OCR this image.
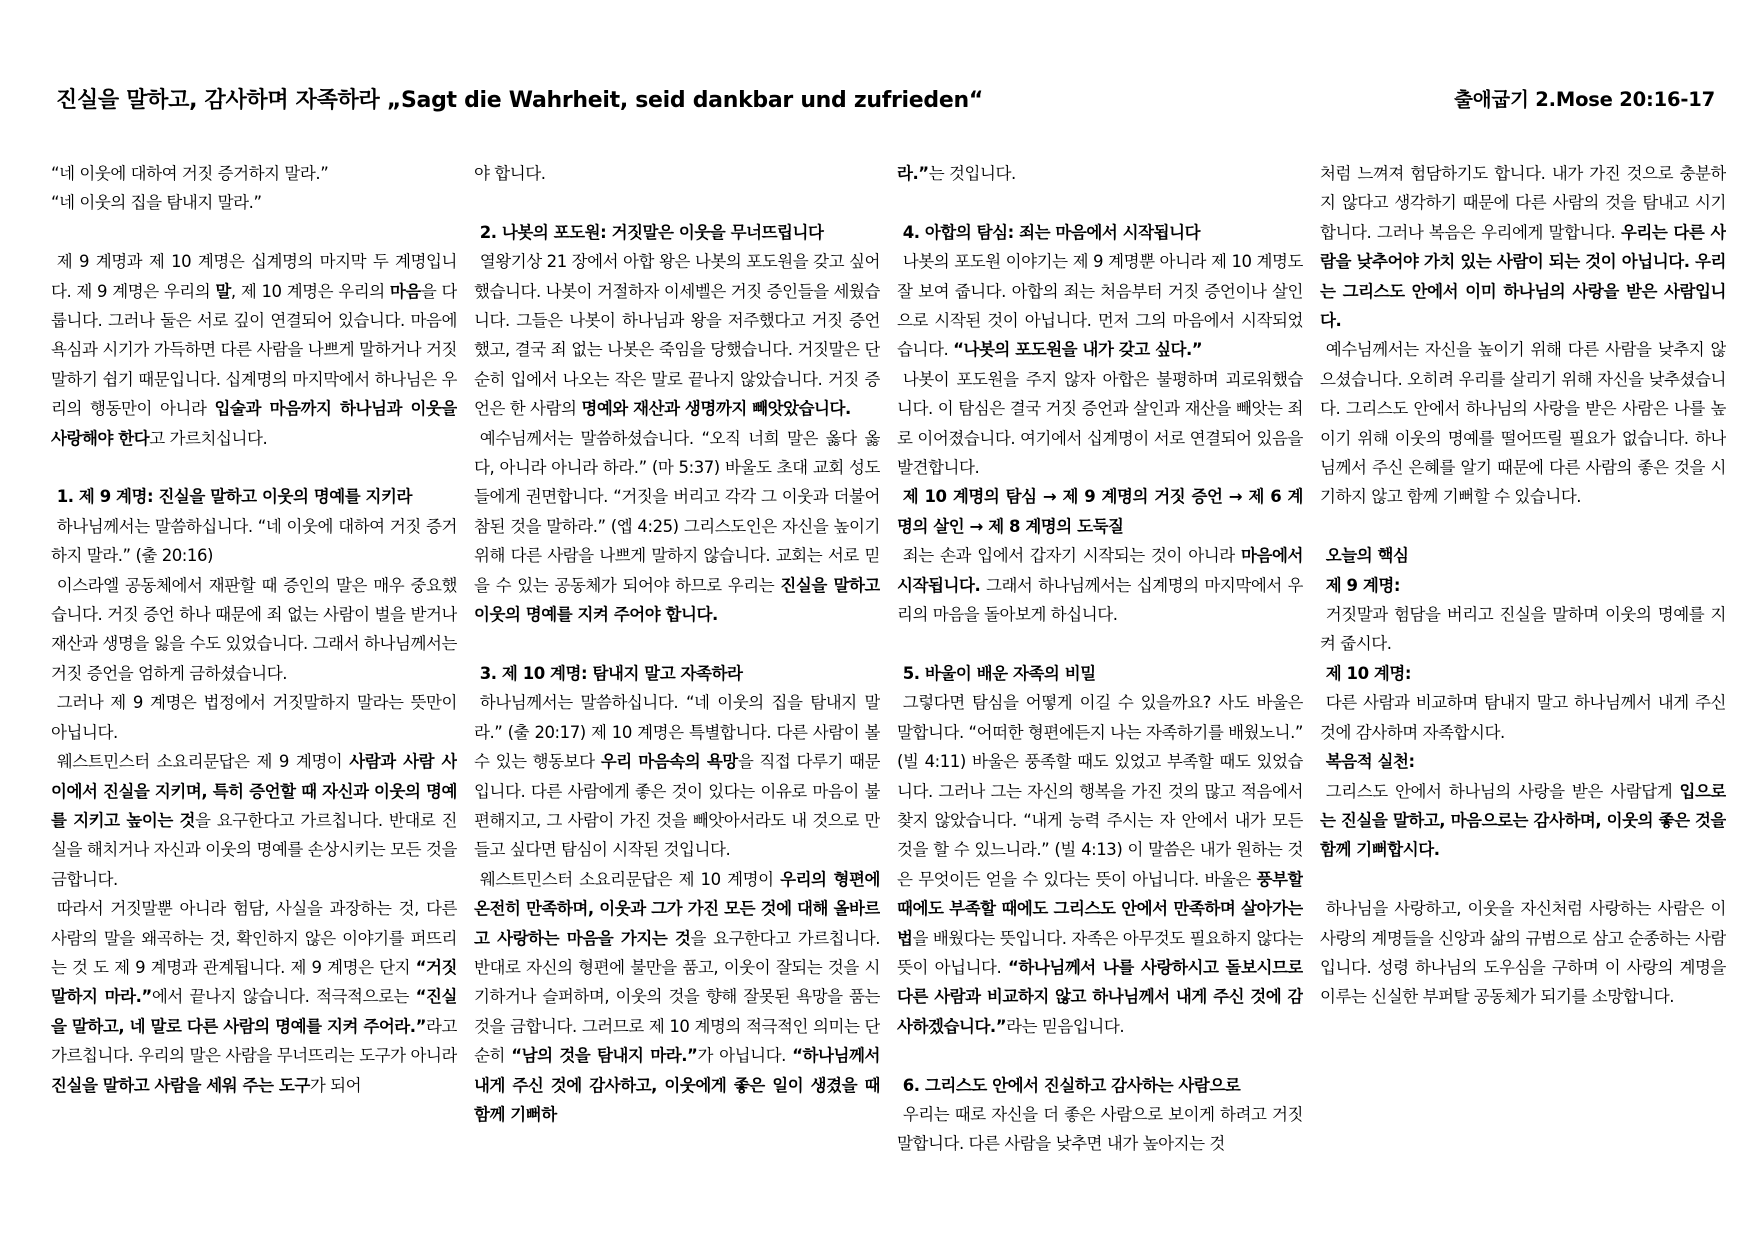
진실을 말하고, 감사하며 자족하라 „Sagt die Wahrheit, seid dankbar und zufrieden“	출애굽기 2.Mose 20:16-17

“네 이웃에 대하여 거짓 증거하지 말라.”

“네 이웃의 집을 탐내지 말라.”

제 9 계명과 제 10 계명은 십계명의 마지막 두 계명입니다. 제 9 계명은 우리의 말, 제 10 계명은 우리의 마음을 다룹니다. 그러나 둘은 서로 깊이 연결되어 있습니다. 마음에 욕심과 시기가 가득하면 다른 사람을 나쁘게 말하거나 거짓말하기 쉽기 때문입니다. 십계명의 마지막에서 하나님은 우리의 행동만이 아니라 입술과 마음까지 하나님과 이웃을 사랑해야 한다고 가르치십니다.

1. 제 9 계명: 진실을 말하고 이웃의 명예를 지키라

하나님께서는 말씀하십니다. “네 이웃에 대하여 거짓 증거하지 말라.” (출 20:16)

이스라엘 공동체에서 재판할 때 증인의 말은 매우 중요했습니다. 거짓 증언 하나 때문에 죄 없는 사람이 벌을 받거나 재산과 생명을 잃을 수도 있었습니다. 그래서 하나님께서는 거짓 증언을 엄하게 금하셨습니다.

그러나 제 9 계명은 법정에서 거짓말하지 말라는 뜻만이 아닙니다.

웨스트민스터 소요리문답은 제 9 계명이 사람과 사람 사이에서 진실을 지키며, 특히 증언할 때 자신과 이웃의 명예를 지키고 높이는 것을 요구한다고 가르칩니다. 반대로 진실을 해치거나 자신과 이웃의 명예를 손상시키는 모든 것을 금합니다.

따라서 거짓말뿐 아니라 험담, 사실을 과장하는 것, 다른 사람의 말을 왜곡하는 것, 확인하지 않은 이야기를 퍼뜨리는 것 도 제 9 계명과 관계됩니다. 제 9 계명은 단지 “거짓말하지 마라.”에서 끝나지 않습니다. 적극적으로는 “진실을 말하고, 네 말로 다른 사람의 명예를 지켜 주어라.”라고 가르칩니다. 우리의 말은 사람을 무너뜨리는 도구가 아니라 진실을 말하고 사람을 세워 주는 도구가 되어

야 합니다.

2. 나봇의 포도원: 거짓말은 이웃을 무너뜨립니다

열왕기상 21 장에서 아합 왕은 나봇의 포도원을 갖고 싶어 했습니다. 나봇이 거절하자 이세벨은 거짓 증인들을 세웠습니다. 그들은 나봇이 하나님과 왕을 저주했다고 거짓 증언했고, 결국 죄 없는 나봇은 죽임을 당했습니다. 거짓말은 단순히 입에서 나오는 작은 말로 끝나지 않았습니다. 거짓 증언은 한 사람의 명예와 재산과 생명까지 빼앗았습니다.

예수님께서는 말씀하셨습니다. “오직 너희 말은 옳다 옳다, 아니라 아니라 하라.” (마 5:37) 바울도 초대 교회 성도들에게 권면합니다. “거짓을 버리고 각각 그 이웃과 더불어 참된 것을 말하라.” (엡 4:25) 그리스도인은 자신을 높이기 위해 다른 사람을 나쁘게 말하지 않습니다. 교회는 서로 믿을 수 있는 공동체가 되어야 하므로 우리는 진실을 말하고 이웃의 명예를 지켜 주어야 합니다.

3. 제 10 계명: 탐내지 말고 자족하라

하나님께서는 말씀하십니다. “네 이웃의 집을 탐내지 말라.” (출 20:17) 제 10 계명은 특별합니다. 다른 사람이 볼 수 있는 행동보다 우리 마음속의 욕망을 직접 다루기 때문입니다. 다른 사람에게 좋은 것이 있다는 이유로 마음이 불편해지고, 그 사람이 가진 것을 빼앗아서라도 내 것으로 만들고 싶다면 탐심이 시작된 것입니다.

웨스트민스터 소요리문답은 제 10 계명이 우리의 형편에 온전히 만족하며, 이웃과 그가 가진 모든 것에 대해 올바르고 사랑하는 마음을 가지는 것을 요구한다고 가르칩니다. 반대로 자신의 형편에 불만을 품고, 이웃이 잘되는 것을 시기하거나 슬퍼하며, 이웃의 것을 향해 잘못된 욕망을 품는 것을 금합니다. 그러므로 제 10 계명의 적극적인 의미는 단순히 “남의 것을 탐내지 마라.”가 아닙니다. “하나님께서 내게 주신 것에 감사하고, 이웃에게 좋은 일이 생겼을 때 함께 기뻐하

라.”는 것입니다.

4. 아합의 탐심: 죄는 마음에서 시작됩니다

나봇의 포도원 이야기는 제 9 계명뿐 아니라 제 10 계명도 잘 보여 줍니다. 아합의 죄는 처음부터 거짓 증언이나 살인으로 시작된 것이 아닙니다. 먼저 그의 마음에서 시작되었습니다. “나봇의 포도원을 내가 갖고 싶다.”

나봇이 포도원을 주지 않자 아합은 불평하며 괴로워했습니다. 이 탐심은 결국 거짓 증언과 살인과 재산을 빼앗는 죄로 이어졌습니다. 여기에서 십계명이 서로 연결되어 있음을 발견합니다.

제 10 계명의 탐심 → 제 9 계명의 거짓 증언 → 제 6 계명의 살인 → 제 8 계명의 도둑질

죄는 손과 입에서 갑자기 시작되는 것이 아니라 마음에서 시작됩니다. 그래서 하나님께서는 십계명의 마지막에서 우리의 마음을 돌아보게 하십니다.

5. 바울이 배운 자족의 비밀

그렇다면 탐심을 어떻게 이길 수 있을까요? 사도 바울은 말합니다. “어떠한 형편에든지 나는 자족하기를 배웠노니.” (빌 4:11) 바울은 풍족할 때도 있었고 부족할 때도 있었습니다. 그러나 그는 자신의 행복을 가진 것의 많고 적음에서 찾지 않았습니다. “내게 능력 주시는 자 안에서 내가 모든 것을 할 수 있느니라.” (빌 4:13) 이 말씀은 내가 원하는 것은 무엇이든 얻을 수 있다는 뜻이 아닙니다. 바울은 풍부할 때에도 부족할 때에도 그리스도 안에서 만족하며 살아가는 법을 배웠다는 뜻입니다. 자족은 아무것도 필요하지 않다는 뜻이 아닙니다. “하나님께서 나를 사랑하시고 돌보시므로 다른 사람과 비교하지 않고 하나님께서 내게 주신 것에 감사하겠습니다.”라는 믿음입니다.

6. 그리스도 안에서 진실하고 감사하는 사람으로

우리는 때로 자신을 더 좋은 사람으로 보이게 하려고 거짓말합니다. 다른 사람을 낮추면 내가 높아지는 것

처럼 느껴져 험담하기도 합니다. 내가 가진 것으로 충분하지 않다고 생각하기 때문에 다른 사람의 것을 탐내고 시기합니다. 그러나 복음은 우리에게 말합니다. 우리는 다른 사람을 낮추어야 가치 있는 사람이 되는 것이 아닙니다. 우리는 그리스도 안에서 이미 하나님의 사랑을 받은 사람입니다.

예수님께서는 자신을 높이기 위해 다른 사람을 낮추지 않으셨습니다. 오히려 우리를 살리기 위해 자신을 낮추셨습니다. 그리스도 안에서 하나님의 사랑을 받은 사람은 나를 높이기 위해 이웃의 명예를 떨어뜨릴 필요가 없습니다. 하나님께서 주신 은혜를 알기 때문에 다른 사람의 좋은 것을 시기하지 않고 함께 기뻐할 수 있습니다.

오늘의 핵심

제 9 계명:

거짓말과 험담을 버리고 진실을 말하며 이웃의 명예를 지켜 줍시다.

제 10 계명:

다른 사람과 비교하며 탐내지 말고 하나님께서 내게 주신 것에 감사하며 자족합시다.

복음적 실천:

그리스도 안에서 하나님의 사랑을 받은 사람답게 입으로는 진실을 말하고, 마음으로는 감사하며, 이웃의 좋은 것을 함께 기뻐합시다.

하나님을 사랑하고, 이웃을 자신처럼 사랑하는 사람은 이 사랑의 계명들을 신앙과 삶의 규범으로 삼고 순종하는 사람입니다. 성령 하나님의 도우심을 구하며 이 사랑의 계명을 이루는 신실한 부퍼탈 공동체가 되기를 소망합니다.
